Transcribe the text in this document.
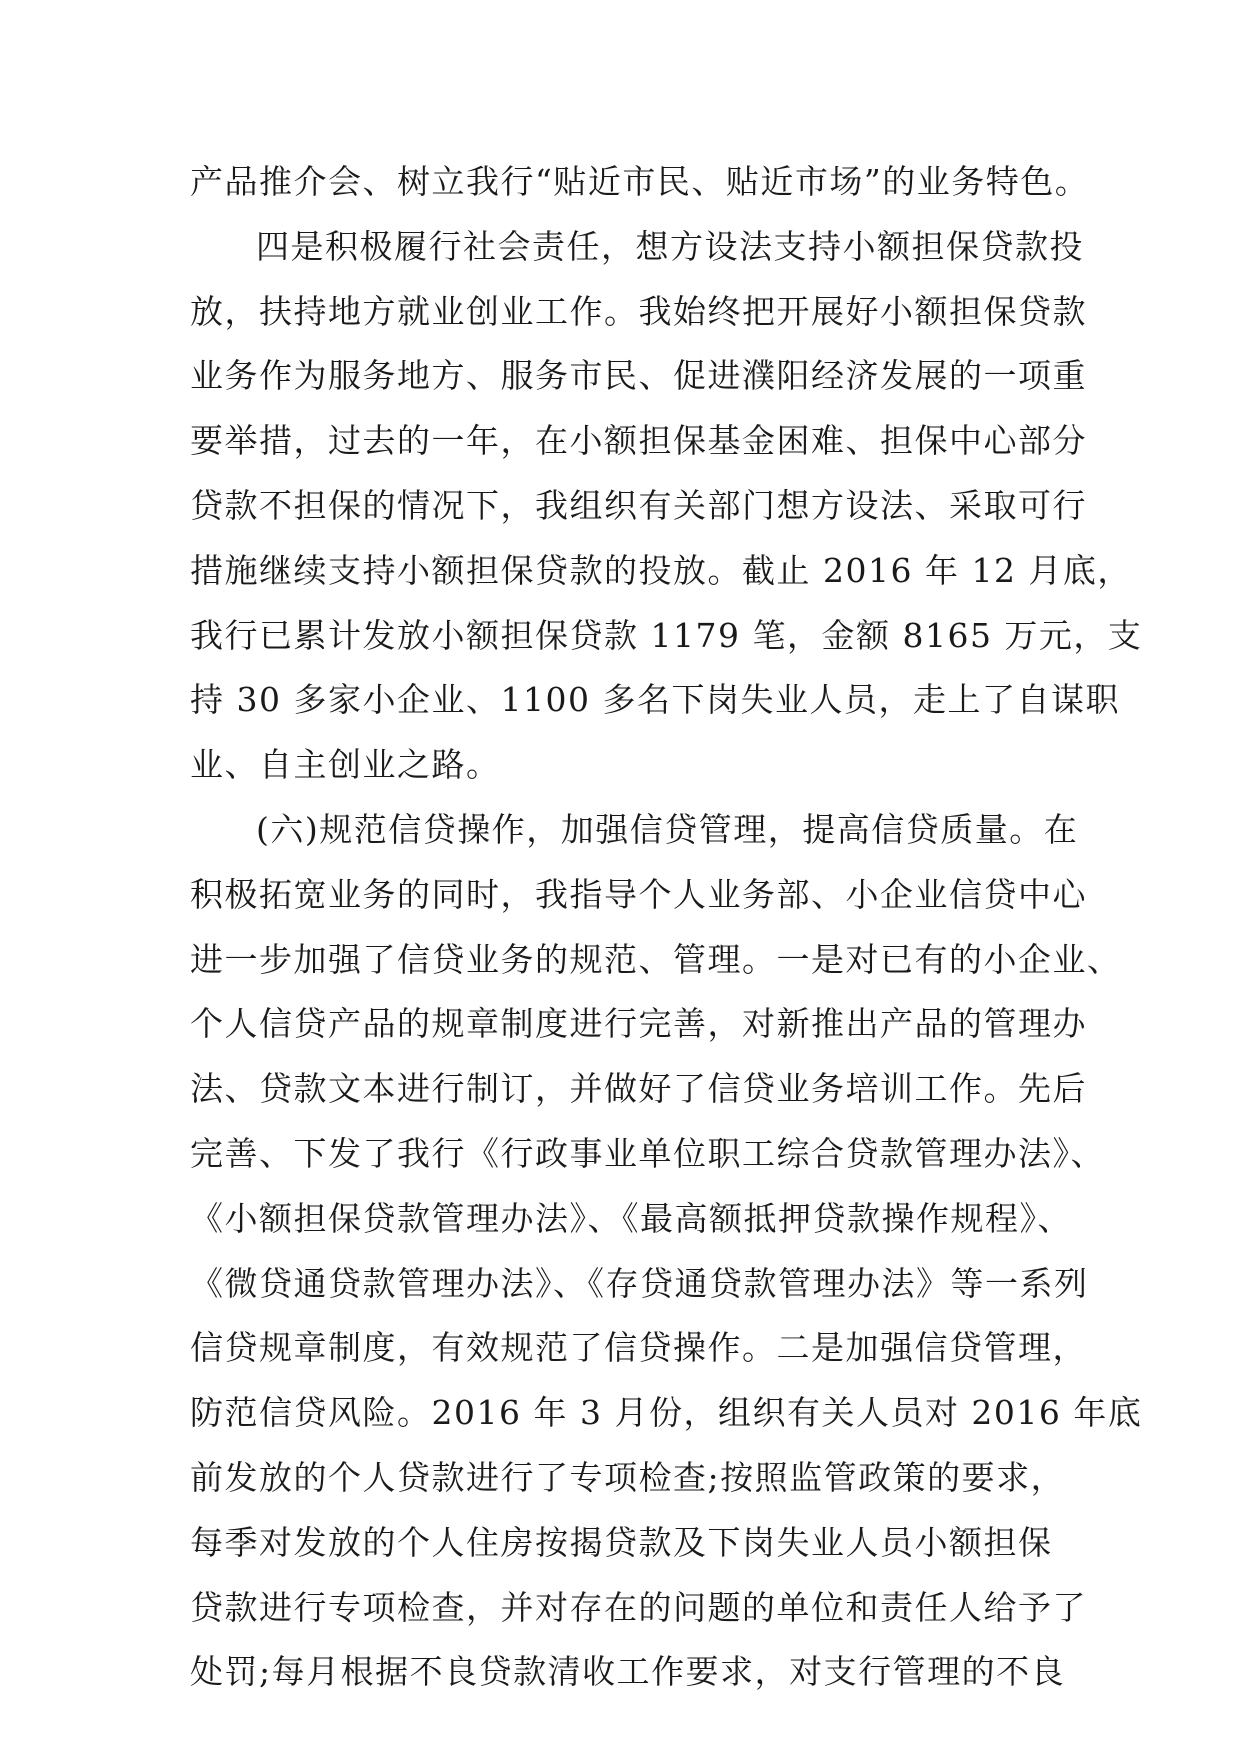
产品推介会、树立我行“贴近市民、贴近市场”的业务特色。
四是积极履行社会责任，想方设法支持小额担保贷款投
放，扶持地方就业创业工作。我始终把开展好小额担保贷款
业务作为服务地方、服务市民、促进濮阳经济发展的一项重
要举措，过去的一年，在小额担保基金困难、担保中心部分
贷款不担保的情况下，我组织有关部门想方设法、采取可行
措施继续支持小额担保贷款的投放。截止 2016 年 12 月底，
我行已累计发放小额担保贷款 1179 笔，金额 8165 万元，支
持 30 多家小企业、1100 多名下岗失业人员，走上了自谋职
业、自主创业之路。
(六)规范信贷操作，加强信贷管理，提高信贷质量。在
积极拓宽业务的同时，我指导个人业务部、小企业信贷中心
进一步加强了信贷业务的规范、管理。一是对已有的小企业、
个人信贷产品的规章制度进行完善，对新推出产品的管理办
法、贷款文本进行制订，并做好了信贷业务培训工作。先后
完善、下发了我行《行政事业单位职工综合贷款管理办法》、
《小额担保贷款管理办法》、《最高额抵押贷款操作规程》、
《微贷通贷款管理办法》、《存贷通贷款管理办法》等一系列
信贷规章制度，有效规范了信贷操作。二是加强信贷管理，
防范信贷风险。2016 年 3 月份，组织有关人员对 2016 年底
前发放的个人贷款进行了专项检查;按照监管政策的要求，
每季对发放的个人住房按揭贷款及下岗失业人员小额担保
贷款进行专项检查，并对存在的问题的单位和责任人给予了
处罚;每月根据不良贷款清收工作要求，对支行管理的不良
